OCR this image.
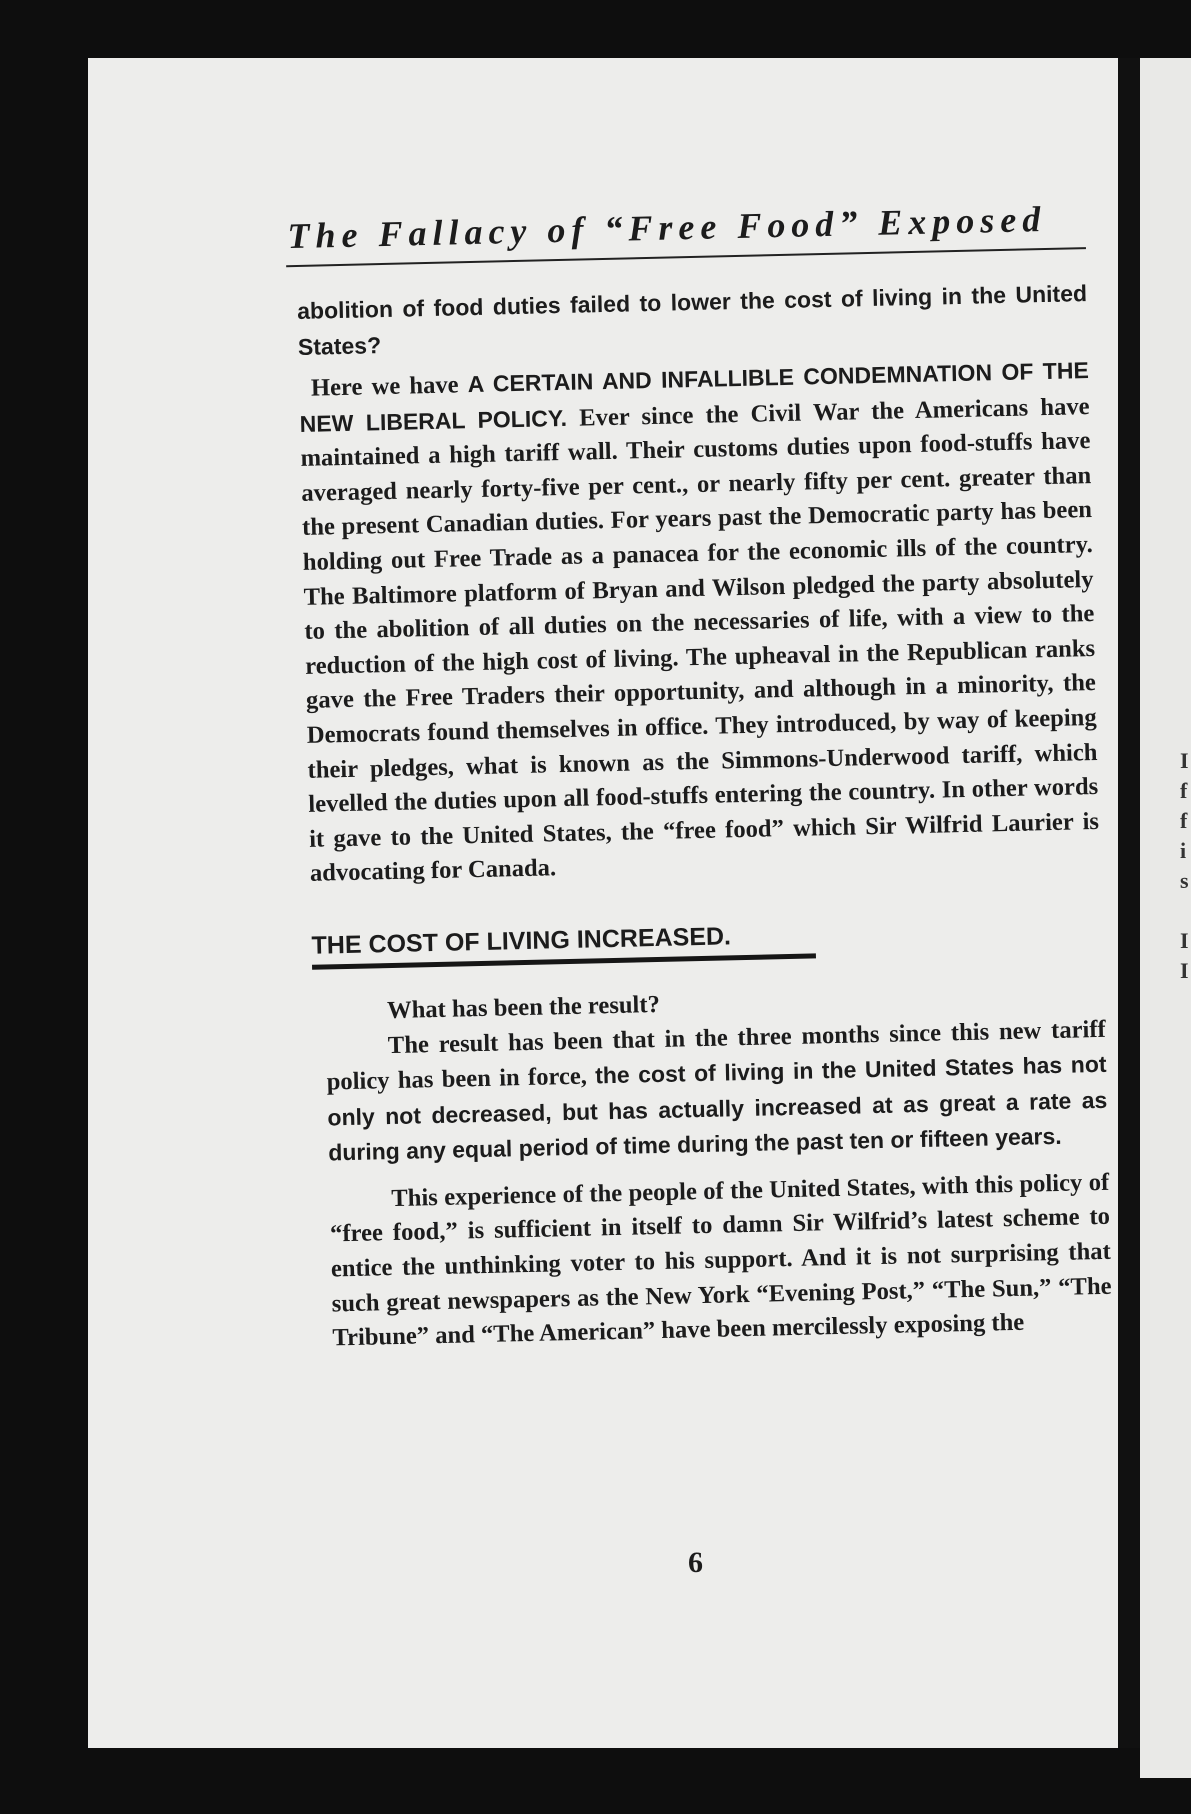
I
f
f
i
s
I
I
The Fallacy of “Free Food” Exposed

abolition of food duties failed to lower the cost of living in the United States?

Here we have A CERTAIN AND INFALLIBLE CONDEMNATION OF THE NEW LIBERAL POLICY. Ever since the Civil War the Americans have maintained a high tariff wall. Their customs duties upon food-stuffs have averaged nearly forty-five per cent., or nearly fifty per cent. greater than the present Canadian duties. For years past the Democratic party has been holding out Free Trade as a panacea for the economic ills of the country. The Baltimore platform of Bryan and Wilson pledged the party absolutely to the abolition of all duties on the necessaries of life, with a view to the reduction of the high cost of living. The upheaval in the Republican ranks gave the Free Traders their opportunity, and although in a minority, the Democrats found themselves in office. They introduced, by way of keeping their pledges, what is known as the Simmons-Underwood tariff, which levelled the duties upon all food-stuffs entering the country. In other words it gave to the United States, the “free food” which Sir Wilfrid Laurier is advocating for Canada.

THE COST OF LIVING INCREASED.

What has been the result?

The result has been that in the three months since this new tariff policy has been in force, the cost of living in the United States has not only not decreased, but has actually increased at as great a rate as during any equal period of time during the past ten or fifteen years.

This experience of the people of the United States, with this policy of “free food,” is sufficient in itself to damn Sir Wilfrid’s latest scheme to entice the unthinking voter to his support. And it is not surprising that such great newspapers as the New York “Evening Post,” “The Sun,” “The Tribune” and “The American” have been mercilessly exposing the

6
